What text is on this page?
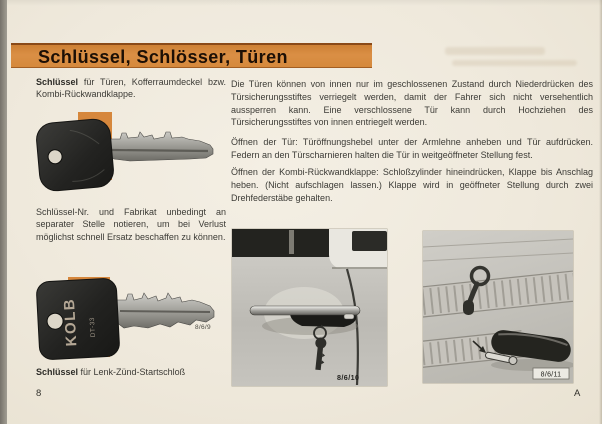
Schlüssel, Schlösser, Türen

Schlüssel für Türen, Kofferraumdeckel bzw. Kombi-Rückwandklappe.

Schlüssel-Nr. und Fabrikat unbedingt an separater Stelle notieren, um bei Verlust möglichst schnell Ersatz beschaffen zu können.

KOLB DT-33	8/6/9

Schlüssel für Lenk-Zünd-Startschloß

Die Türen können von innen nur im geschlossenen Zustand durch Niederdrücken des Türsicherungsstiftes verriegelt werden, damit der Fahrer sich nicht versehentlich aussperren kann. Eine verschlossene Tür kann durch Hochziehen des Türsicherungsstiftes von innen entriegelt werden.

Öffnen der Tür: Türöffnungshebel unter der Armlehne anheben und Tür aufdrücken. Federn an den Türscharnieren halten die Tür in weitgeöffneter Stellung fest.

Öffnen der Kombi-Rückwandklappe: Schloßzylinder hineindrücken, Klappe bis Anschlag heben. (Nicht aufschlagen lassen.) Klappe wird in geöffneter Stellung durch zwei Drehfederstäbe gehalten.

8/6/10	8/6/11
8	A
